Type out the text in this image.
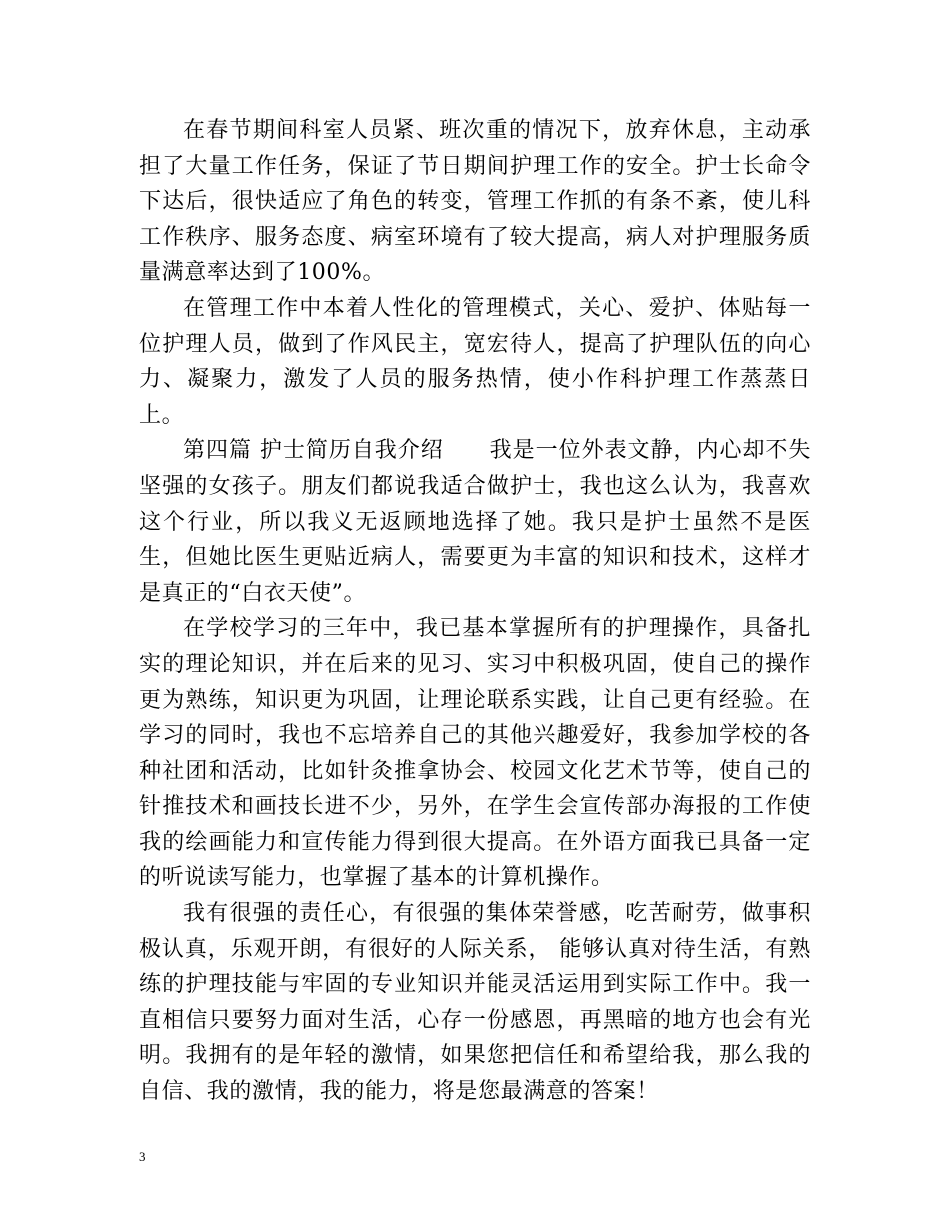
在春节期间科室人员紧、班次重的情况下，放弃休息，主动承担了大量工作任务，保证了节日期间护理工作的安全。护士长命令下达后，很快适应了角色的转变，管理工作抓的有条不紊，使儿科工作秩序、服务态度、病室环境有了较大提高，病人对护理服务质量满意率达到了100%。

在管理工作中本着人性化的管理模式，关心、爱护、体贴每一位护理人员，做到了作风民主，宽宏待人，提高了护理队伍的向心力、凝聚力，激发了人员的服务热情，使小作科护理工作蒸蒸日上。

第四篇 护士简历自我介绍　　我是一位外表文静，内心却不失坚强的女孩子。朋友们都说我适合做护士，我也这么认为，我喜欢这个行业，所以我义无返顾地选择了她。我只是护士虽然不是医生，但她比医生更贴近病人，需要更为丰富的知识和技术，这样才是真正的“白衣天使”。

在学校学习的三年中，我已基本掌握所有的护理操作，具备扎实的理论知识，并在后来的见习、实习中积极巩固，使自己的操作更为熟练，知识更为巩固，让理论联系实践，让自己更有经验。在学习的同时，我也不忘培养自己的其他兴趣爱好，我参加学校的各种社团和活动，比如针灸推拿协会、校园文化艺术节等，使自己的针推技术和画技长进不少，另外，在学生会宣传部办海报的工作使我的绘画能力和宣传能力得到很大提高。在外语方面我已具备一定的听说读写能力，也掌握了基本的计算机操作。

我有很强的责任心，有很强的集体荣誉感，吃苦耐劳，做事积极认真，乐观开朗，有很好的人际关系， 能够认真对待生活，有熟练的护理技能与牢固的专业知识并能灵活运用到实际工作中。我一直相信只要努力面对生活，心存一份感恩，再黑暗的地方也会有光明。我拥有的是年轻的激情，如果您把信任和希望给我，那么我的自信、我的激情，我的能力，将是您最满意的答案！

3
